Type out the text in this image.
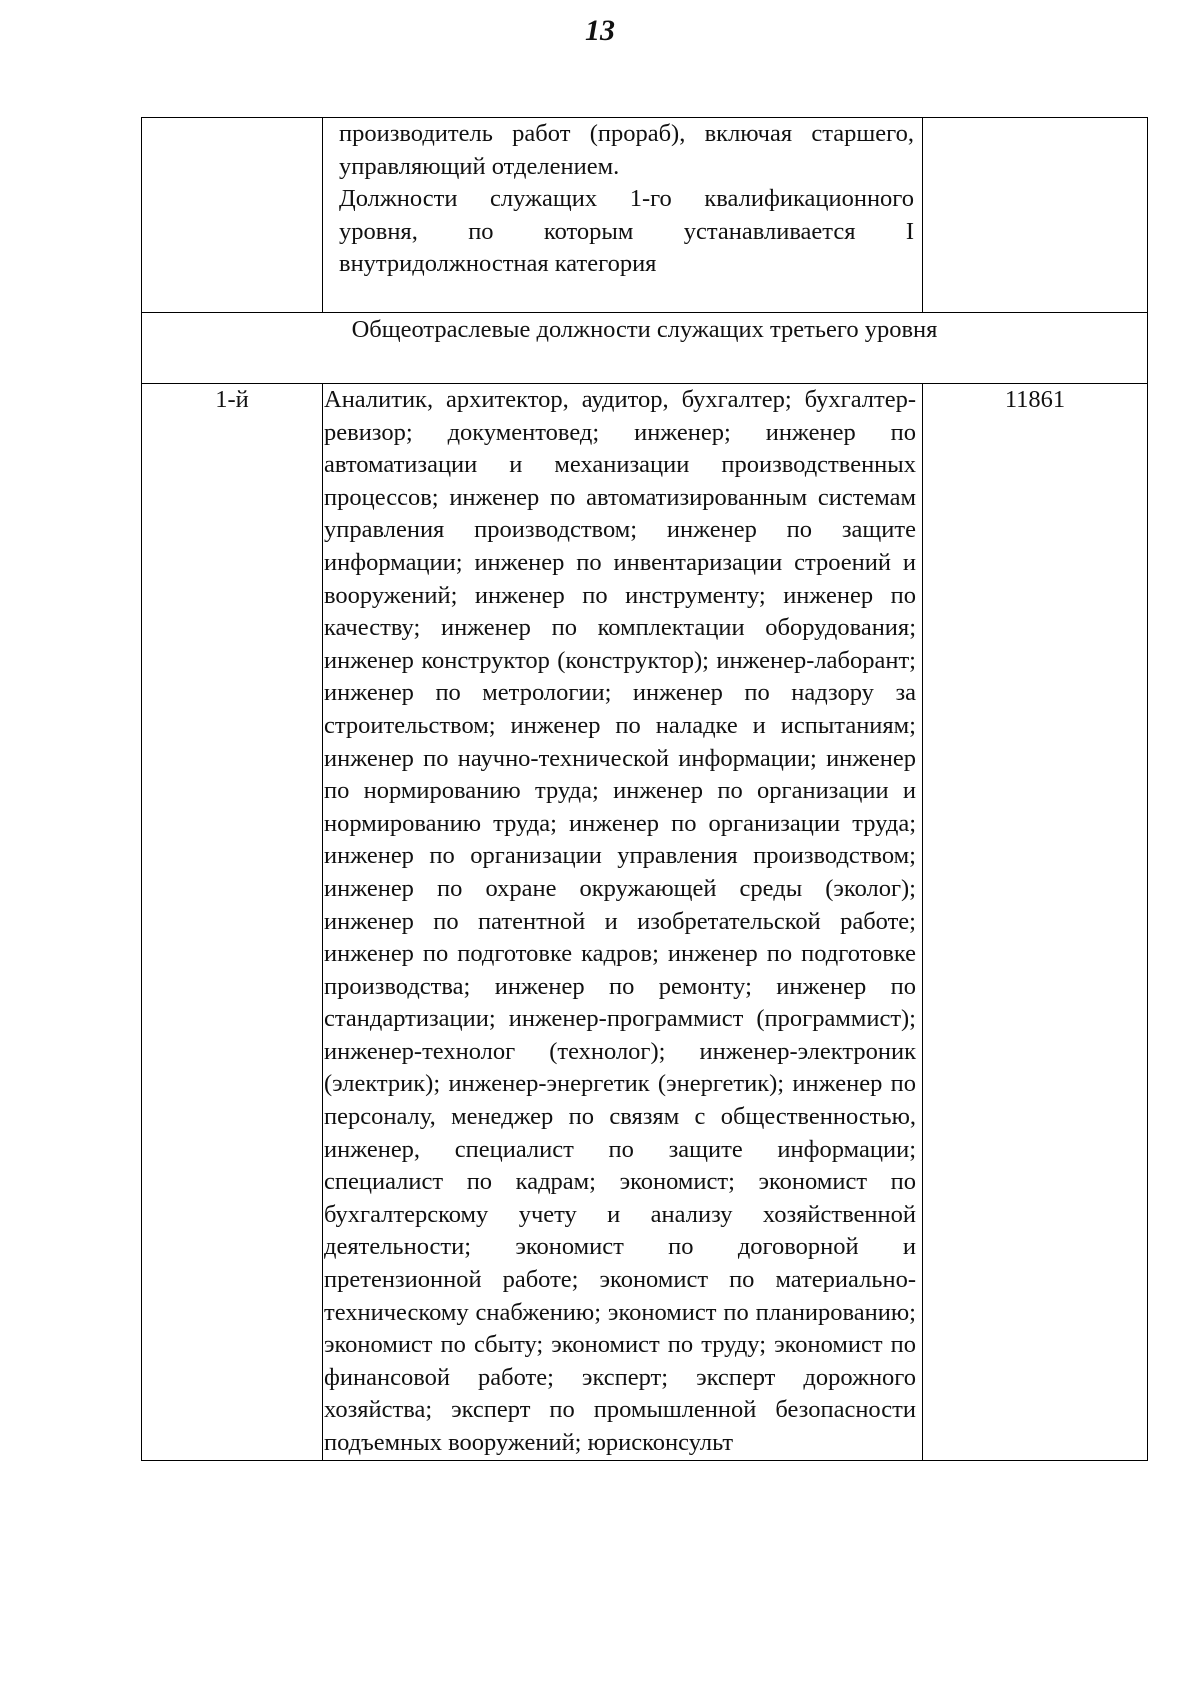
13

	производитель работ (прораб), включая старшего, управляющий отделением.
Должности служащих 1-го квалификационного уровня, по которым устанавливается I внутридолжностная категория	

Общеотраслевые должности служащих третьего уровня		

1-й	Аналитик, архитектор, аудитор, бухгалтер; бухгалтер-ревизор; документовед; инженер; инженер по автоматизации и механизации производственных процессов; инженер по автоматизированным системам управления производством; инженер по защите информации; инженер по инвентаризации строений и вооружений; инженер по инструменту; инженер по качеству; инженер по комплектации оборудования; инженер конструктор (конструктор); инженер-лаборант; инженер по метрологии; инженер по надзору за строительством; инженер по наладке и испытаниям; инженер по научно-технической информации; инженер по нормированию труда; инженер по организации и нормированию труда; инженер по организации труда; инженер по организации управления производством; инженер по охране окружающей среды (эколог); инженер по патентной и изобретательской работе; инженер по подготовке кадров; инженер по подготовке производства; инженер по ремонту; инженер по стандартизации; инженер-программист (программист); инженер-технолог (технолог); инженер-электроник (электрик); инженер-энергетик (энергетик); инженер по персоналу, менеджер по связям с общественностью, инженер, специалист по защите информации; специалист по кадрам; экономист; экономист по бухгалтерскому учету и анализу хозяйственной деятельности; экономист по договорной и претензионной работе; экономист по материально-техническому снабжению; экономист по планированию; экономист по сбыту; экономист по труду; экономист по финансовой работе; эксперт; эксперт дорожного хозяйства; эксперт по промышленной безопасности подъемных вооружений; юрисконсульт	11861
